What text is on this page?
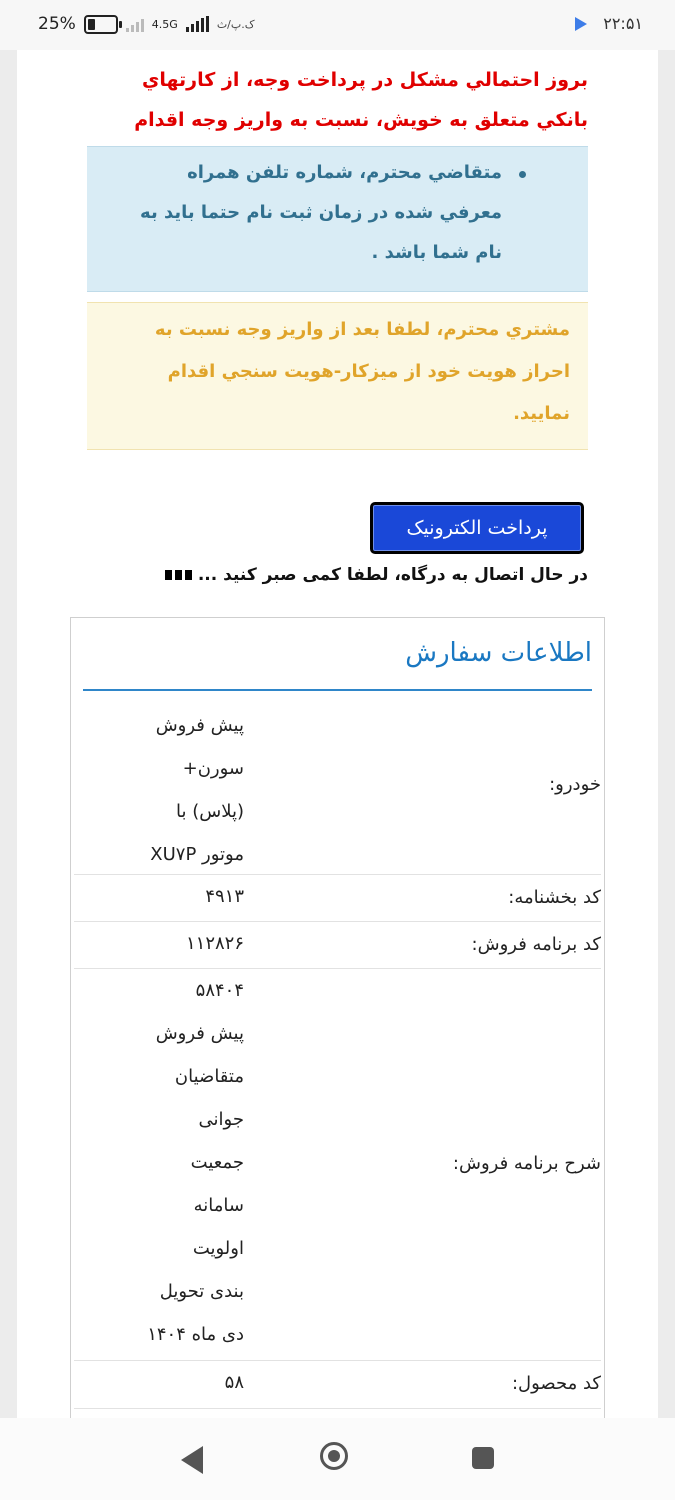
25%	4.5G	ک.پ/ث	۲۲:۵۱
بروز احتمالي مشكل در پرداخت وجه، از كارتهاي بانكي متعلق به خويش، نسبت به واريز وجه اقدام
متقاضي محترم، شماره تلفن همراه معرفي شده در زمان ثبت نام حتما بايد به نام شما باشد .
مشتري محترم، لطفا بعد از واريز وجه نسبت به احراز هويت خود از ميزكار-هويت سنجي اقدام نماييد.
پرداخت الكترونیک
در حال اتصال به درگاه، لطفا کمی صبر کنید ...
اطلاعات سفارش
خودرو:
پیش فروش
سورن+
(پلاس) با
موتور XU۷P
کد بخشنامه:
۴۹۱۳
کد برنامه فروش:
۱۱۲۸۲۶
شرح برنامه فروش:
۵۸۴۰۴
پیش فروش
متقاضیان
جوانی
جمعیت
سامانه
اولویت
بندی تحویل
دی ماه ۱۴۰۴
کد محصول:
۵۸
